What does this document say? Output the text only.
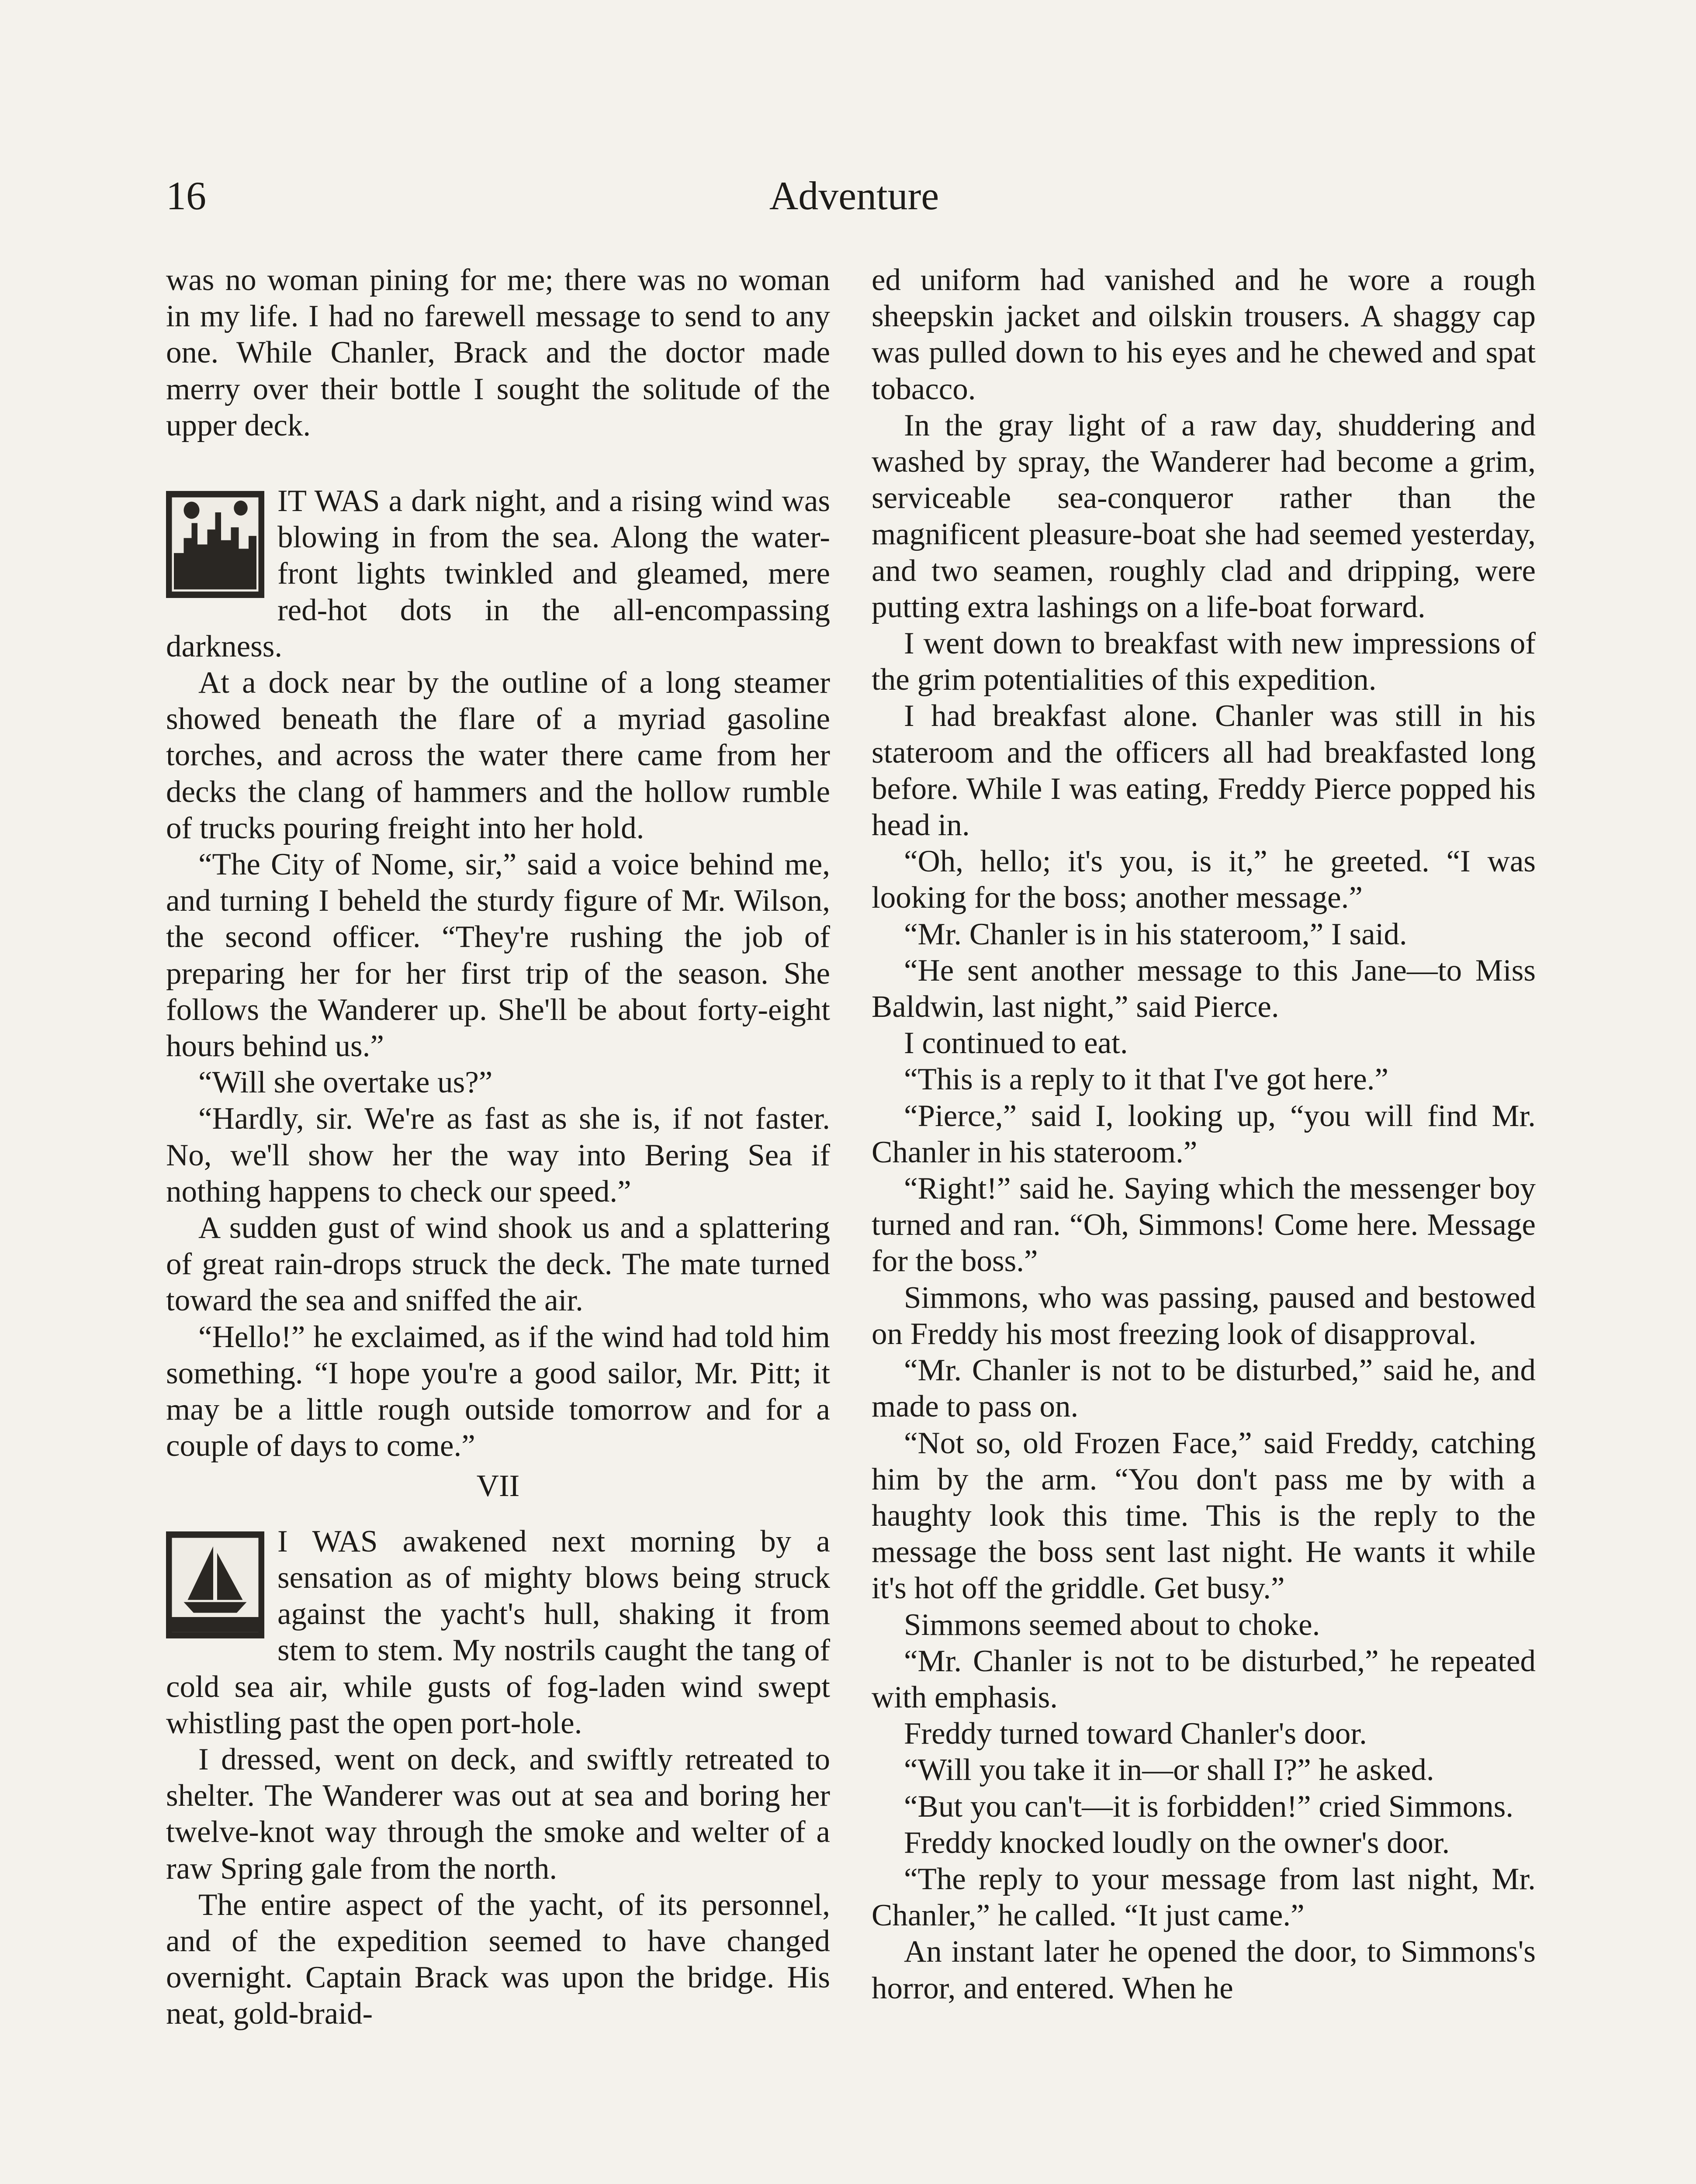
16	Adventure

was no woman pining for me; there was no woman in my life. I had no farewell message to send to any one. While Chanler, Brack and the doctor made merry over their bottle I sought the solitude of the upper deck.

IT WAS a dark night, and a rising wind was blowing in from the sea. Along the water-front lights twinkled and gleamed, mere red-hot dots in the all-encompassing darkness.

At a dock near by the outline of a long steamer showed beneath the flare of a myriad gasoline torches, and across the water there came from her decks the clang of hammers and the hollow rumble of trucks pouring freight into her hold.

“The City of Nome, sir,” said a voice behind me, and turning I beheld the sturdy figure of Mr. Wilson, the second officer. “They're rushing the job of preparing her for her first trip of the season. She follows the Wanderer up. She'll be about forty-eight hours behind us.”

“Will she overtake us?”

“Hardly, sir. We're as fast as she is, if not faster. No, we'll show her the way into Bering Sea if nothing happens to check our speed.”

A sudden gust of wind shook us and a splattering of great rain-drops struck the deck. The mate turned toward the sea and sniffed the air.

“Hello!” he exclaimed, as if the wind had told him something. “I hope you're a good sailor, Mr. Pitt; it may be a little rough outside tomorrow and for a couple of days to come.”

VII

I WAS awakened next morning by a sensation as of mighty blows being struck against the yacht's hull, shaking it from stem to stem. My nostrils caught the tang of cold sea air, while gusts of fog-laden wind swept whistling past the open port-hole.

I dressed, went on deck, and swiftly retreated to shelter. The Wanderer was out at sea and boring her twelve-knot way through the smoke and welter of a raw Spring gale from the north.

The entire aspect of the yacht, of its personnel, and of the expedition seemed to have changed overnight. Captain Brack was upon the bridge. His neat, gold-braid-

ed uniform had vanished and he wore a rough sheepskin jacket and oilskin trousers. A shaggy cap was pulled down to his eyes and he chewed and spat tobacco.

In the gray light of a raw day, shuddering and washed by spray, the Wanderer had become a grim, serviceable sea-conqueror rather than the magnificent pleasure-boat she had seemed yesterday, and two seamen, roughly clad and dripping, were putting extra lashings on a life-boat forward.

I went down to breakfast with new impressions of the grim potentialities of this expedition.

I had breakfast alone. Chanler was still in his stateroom and the officers all had breakfasted long before. While I was eating, Freddy Pierce popped his head in.

“Oh, hello; it's you, is it,” he greeted. “I was looking for the boss; another message.”

“Mr. Chanler is in his stateroom,” I said.

“He sent another message to this Jane—to Miss Baldwin, last night,” said Pierce.

I continued to eat.

“This is a reply to it that I've got here.”

“Pierce,” said I, looking up, “you will find Mr. Chanler in his stateroom.”

“Right!” said he. Saying which the messenger boy turned and ran. “Oh, Simmons! Come here. Message for the boss.”

Simmons, who was passing, paused and bestowed on Freddy his most freezing look of disapproval.

“Mr. Chanler is not to be disturbed,” said he, and made to pass on.

“Not so, old Frozen Face,” said Freddy, catching him by the arm. “You don't pass me by with a haughty look this time. This is the reply to the message the boss sent last night. He wants it while it's hot off the griddle. Get busy.”

Simmons seemed about to choke.

“Mr. Chanler is not to be disturbed,” he repeated with emphasis.

Freddy turned toward Chanler's door.

“Will you take it in—or shall I?” he asked.

“But you can't—it is forbidden!” cried Simmons.

Freddy knocked loudly on the owner's door.

“The reply to your message from last night, Mr. Chanler,” he called. “It just came.”

An instant later he opened the door, to Simmons's horror, and entered. When he
